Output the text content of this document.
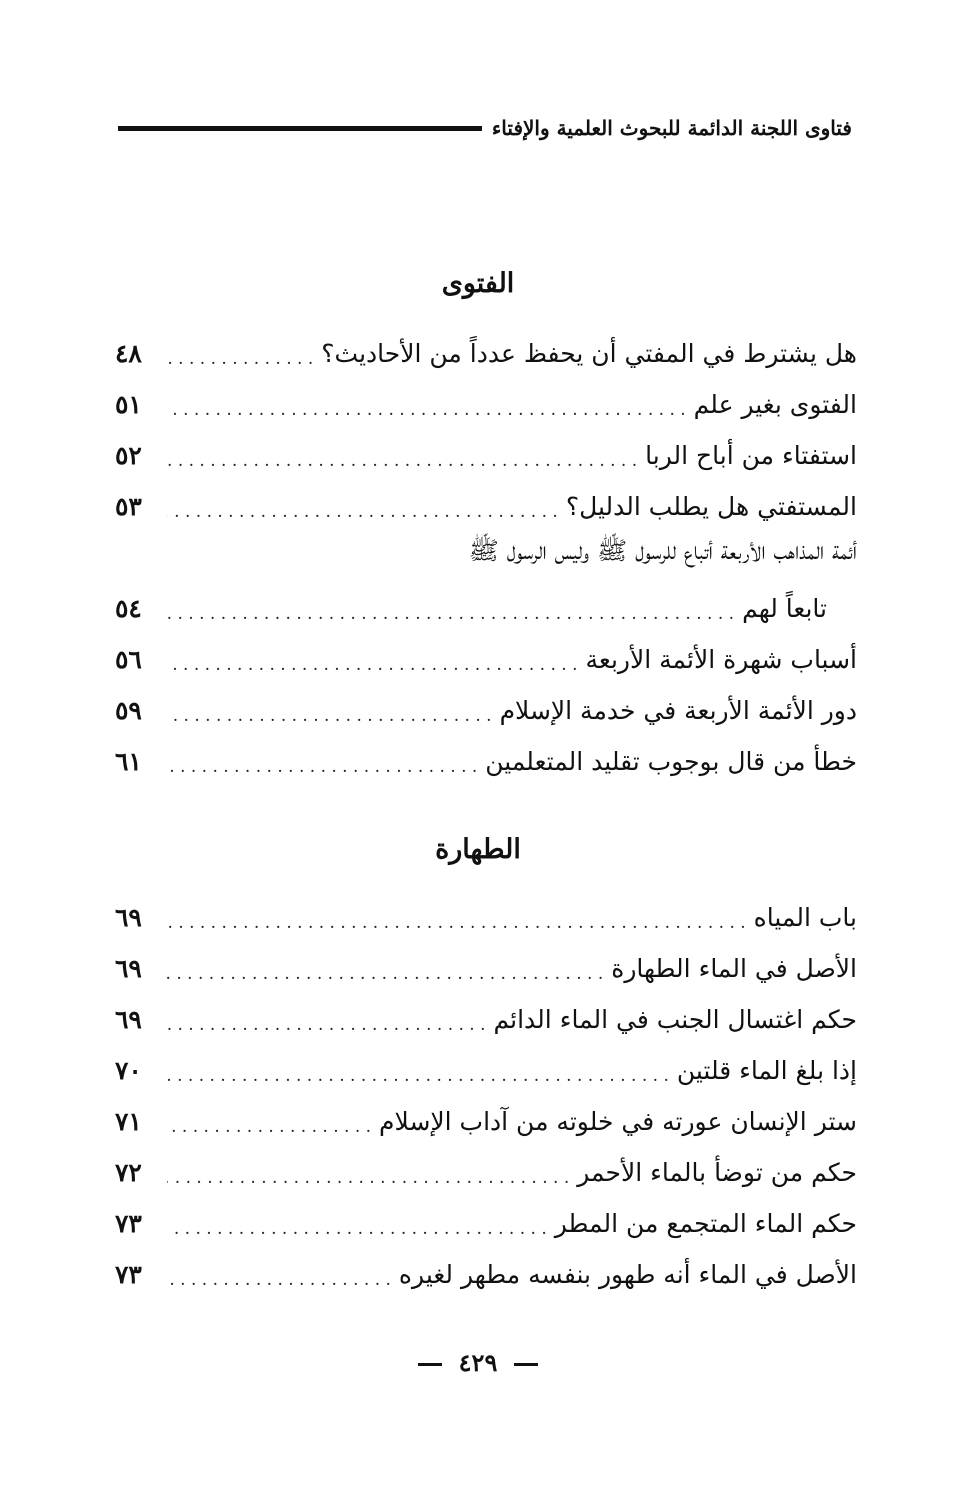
فتاوى اللجنة الدائمة للبحوث العلمية والإفتاء
الفتوى
هل يشترط في المفتي أن يحفظ عدداً من الأحاديث؟
. . .
٤٨
الفتوى بغير علم
. . .
٥١
استفتاء من أباح الربا
. . .
٥٢
المستفتي هل يطلب الدليل؟
. . .
٥٣
أئمة المذاهب الأربعة أتباع للرسول ﷺ وليس الرسول ﷺ
تابعاً لهم
. . .
٥٤
أسباب شهرة الأئمة الأربعة
. . .
٥٦
دور الأئمة الأربعة في خدمة الإسلام
. . .
٥٩
خطأ من قال بوجوب تقليد المتعلمين
. . .
٦١
الطهارة
باب المياه
. . .
٦٩
الأصل في الماء الطهارة
. . .
٦٩
حكم اغتسال الجنب في الماء الدائم
. . .
٦٩
إذا بلغ الماء قلتين
. . .
٧٠
ستر الإنسان عورته في خلوته من آداب الإسلام
. . .
٧١
حكم من توضأ بالماء الأحمر
. . .
٧٢
حكم الماء المتجمع من المطر
. . .
٧٣
الأصل في الماء أنه طهور بنفسه مطهر لغيره
. . .
٧٣
٤٢٩
